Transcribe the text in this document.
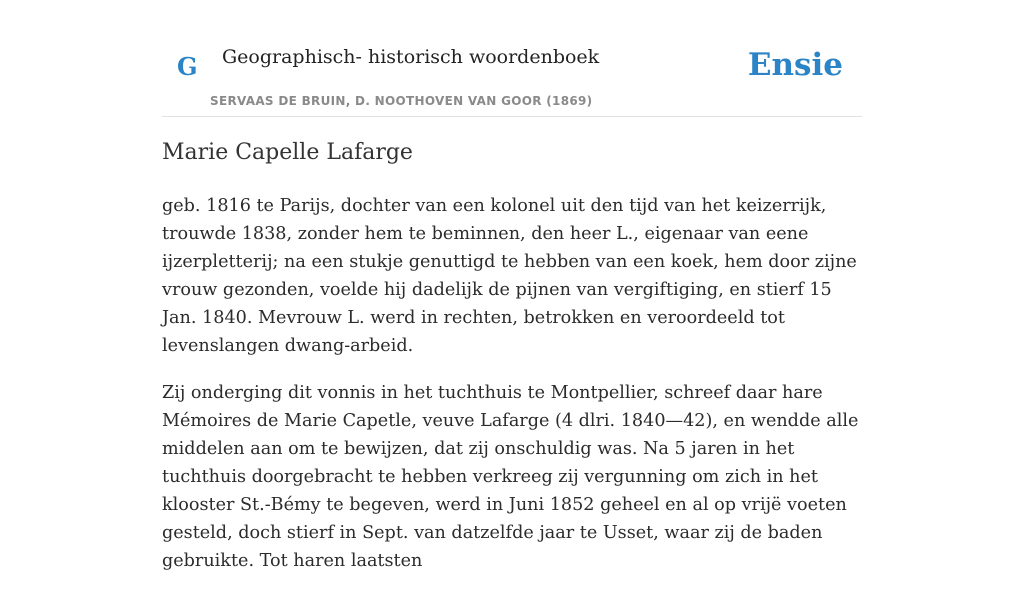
G Geographisch- historisch woordenboek
SERVAAS DE BRUIN, D. NOOTHOVEN VAN GOOR (1869)
Ensie
Marie Capelle Lafarge

geb. 1816 te Parijs, dochter van een kolonel uit den tijd van het keizerrijk, trouwde 1838, zonder hem te beminnen, den heer L., eigenaar van eene ijzerpletterij; na een stukje genuttigd te hebben van een koek, hem door zijne vrouw gezonden, voelde hij dadelijk de pijnen van vergiftiging, en stierf 15 Jan. 1840. Mevrouw L. werd in rechten, betrokken en veroordeeld tot levenslangen dwang-arbeid.

Zij onderging dit vonnis in het tuchthuis te Montpellier, schreef daar hare Mémoires de Marie Capetle, veuve Lafarge (4 dlri. 1840—42), en wendde alle middelen aan om te bewijzen, dat zij onschuldig was. Na 5 jaren in het tuchthuis doorgebracht te hebben verkreeg zij vergunning om zich in het klooster St.-Bémy te begeven, werd in Juni 1852 geheel en al op vrijë voeten gesteld, doch stierf in Sept. van datzelfde jaar te Usset, waar zij de baden gebruikte. Tot haren laatsten
